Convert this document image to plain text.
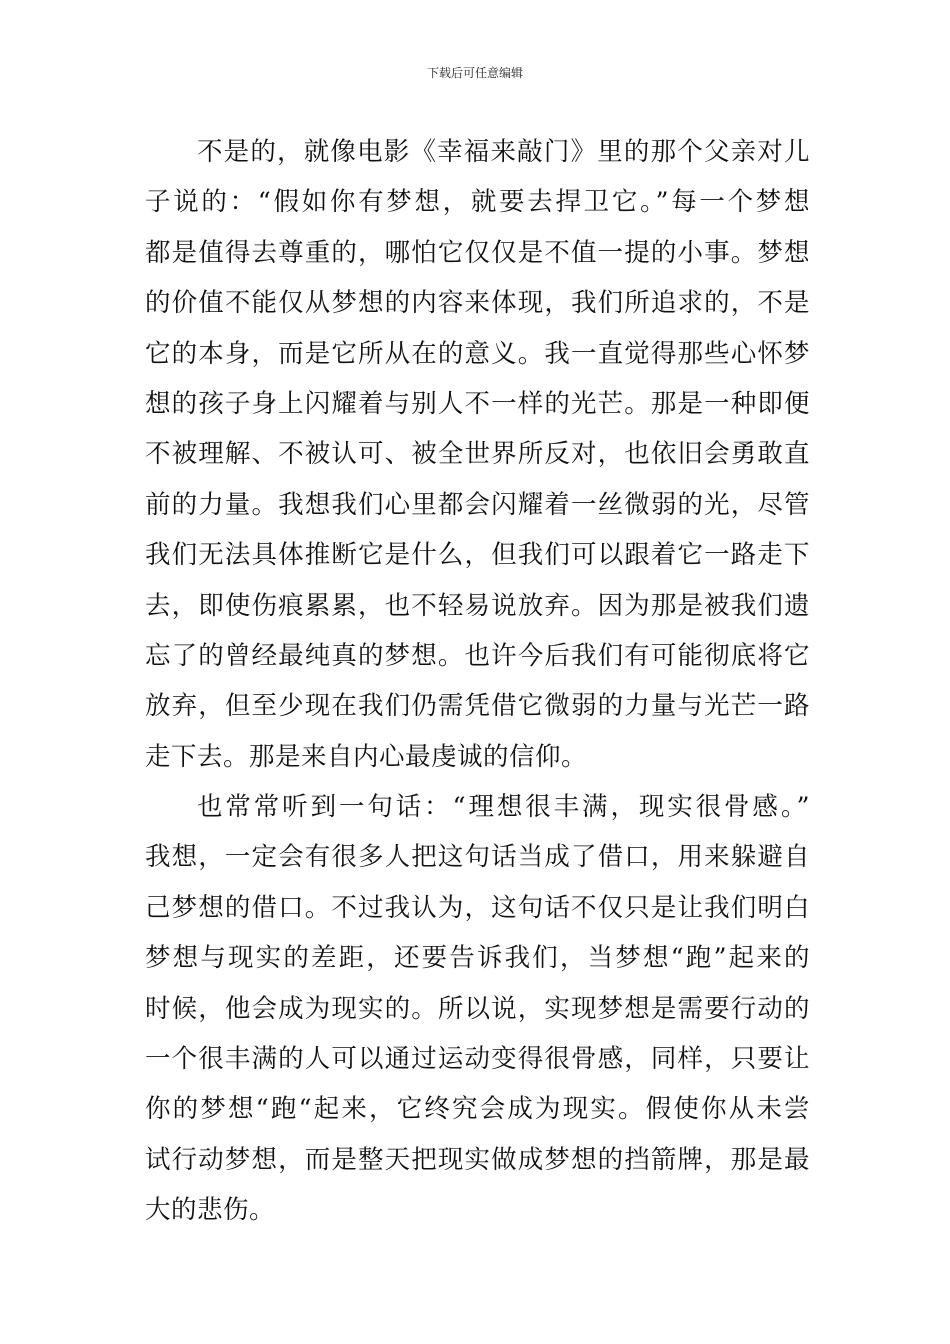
下载后可任意编辑
不是的，就像电影《幸福来敲门》里的那个父亲对儿
子说的：“假如你有梦想，就要去捍卫它。”每一个梦想
都是值得去尊重的，哪怕它仅仅是不值一提的小事。梦想
的价值不能仅从梦想的内容来体现，我们所追求的，不是
它的本身，而是它所从在的意义。我一直觉得那些心怀梦
想的孩子身上闪耀着与别人不一样的光芒。那是一种即便
不被理解、不被认可、被全世界所反对，也依旧会勇敢直
前的力量。我想我们心里都会闪耀着一丝微弱的光，尽管
我们无法具体推断它是什么，但我们可以跟着它一路走下
去，即使伤痕累累，也不轻易说放弃。因为那是被我们遗
忘了的曾经最纯真的梦想。也许今后我们有可能彻底将它
放弃，但至少现在我们仍需凭借它微弱的力量与光芒一路
走下去。那是来自内心最虔诚的信仰。
也常常听到一句话：“理想很丰满，现实很骨感。”
我想，一定会有很多人把这句话当成了借口，用来躲避自
己梦想的借口。不过我认为，这句话不仅只是让我们明白
梦想与现实的差距，还要告诉我们，当梦想“跑”起来的
时候，他会成为现实的。所以说，实现梦想是需要行动的
一个很丰满的人可以通过运动变得很骨感，同样，只要让
你的梦想“跑“起来，它终究会成为现实。假使你从未尝
试行动梦想，而是整天把现实做成梦想的挡箭牌，那是最
大的悲伤。
